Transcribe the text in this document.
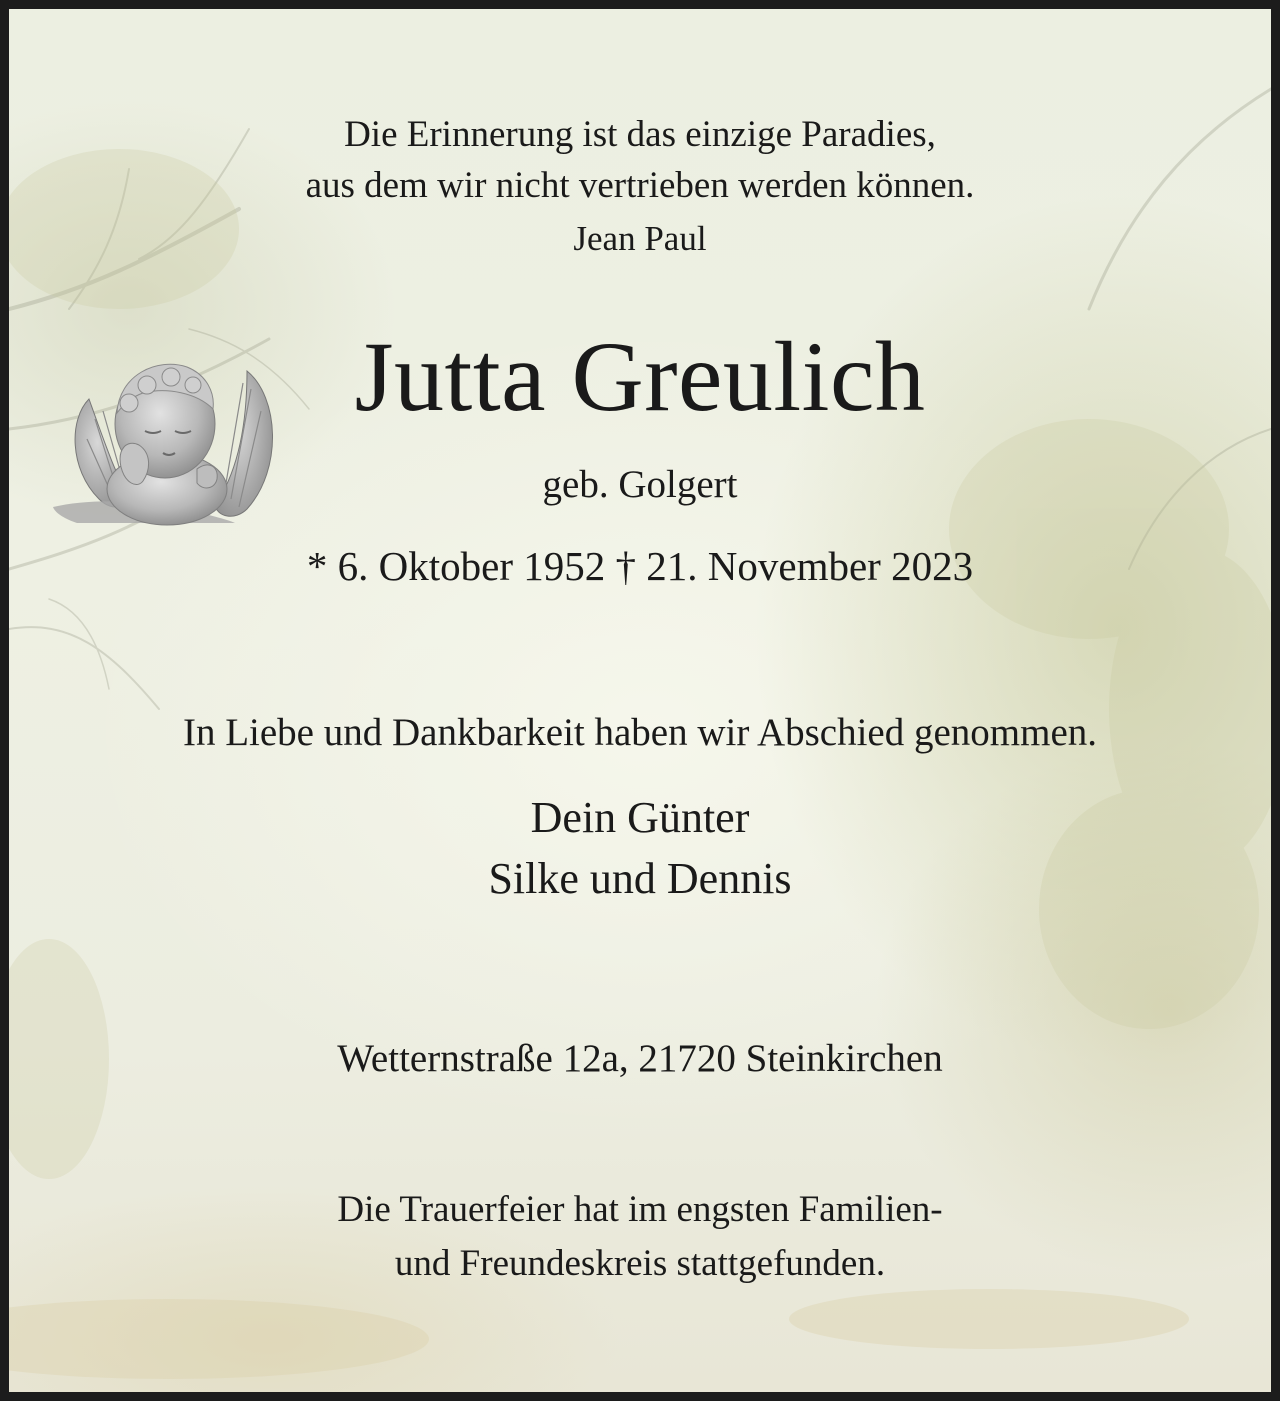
Die Erinnerung ist das einzige Paradies,
aus dem wir nicht vertrieben werden können.
Jean Paul
Jutta Greulich
geb. Golgert
* 6. Oktober 1952 † 21. November 2023
In Liebe und Dankbarkeit haben wir Abschied genommen.
Dein Günter
Silke und Dennis
Wetternstraße 12a, 21720 Steinkirchen
Die Trauerfeier hat im engsten Familien-
und Freundeskreis stattgefunden.
